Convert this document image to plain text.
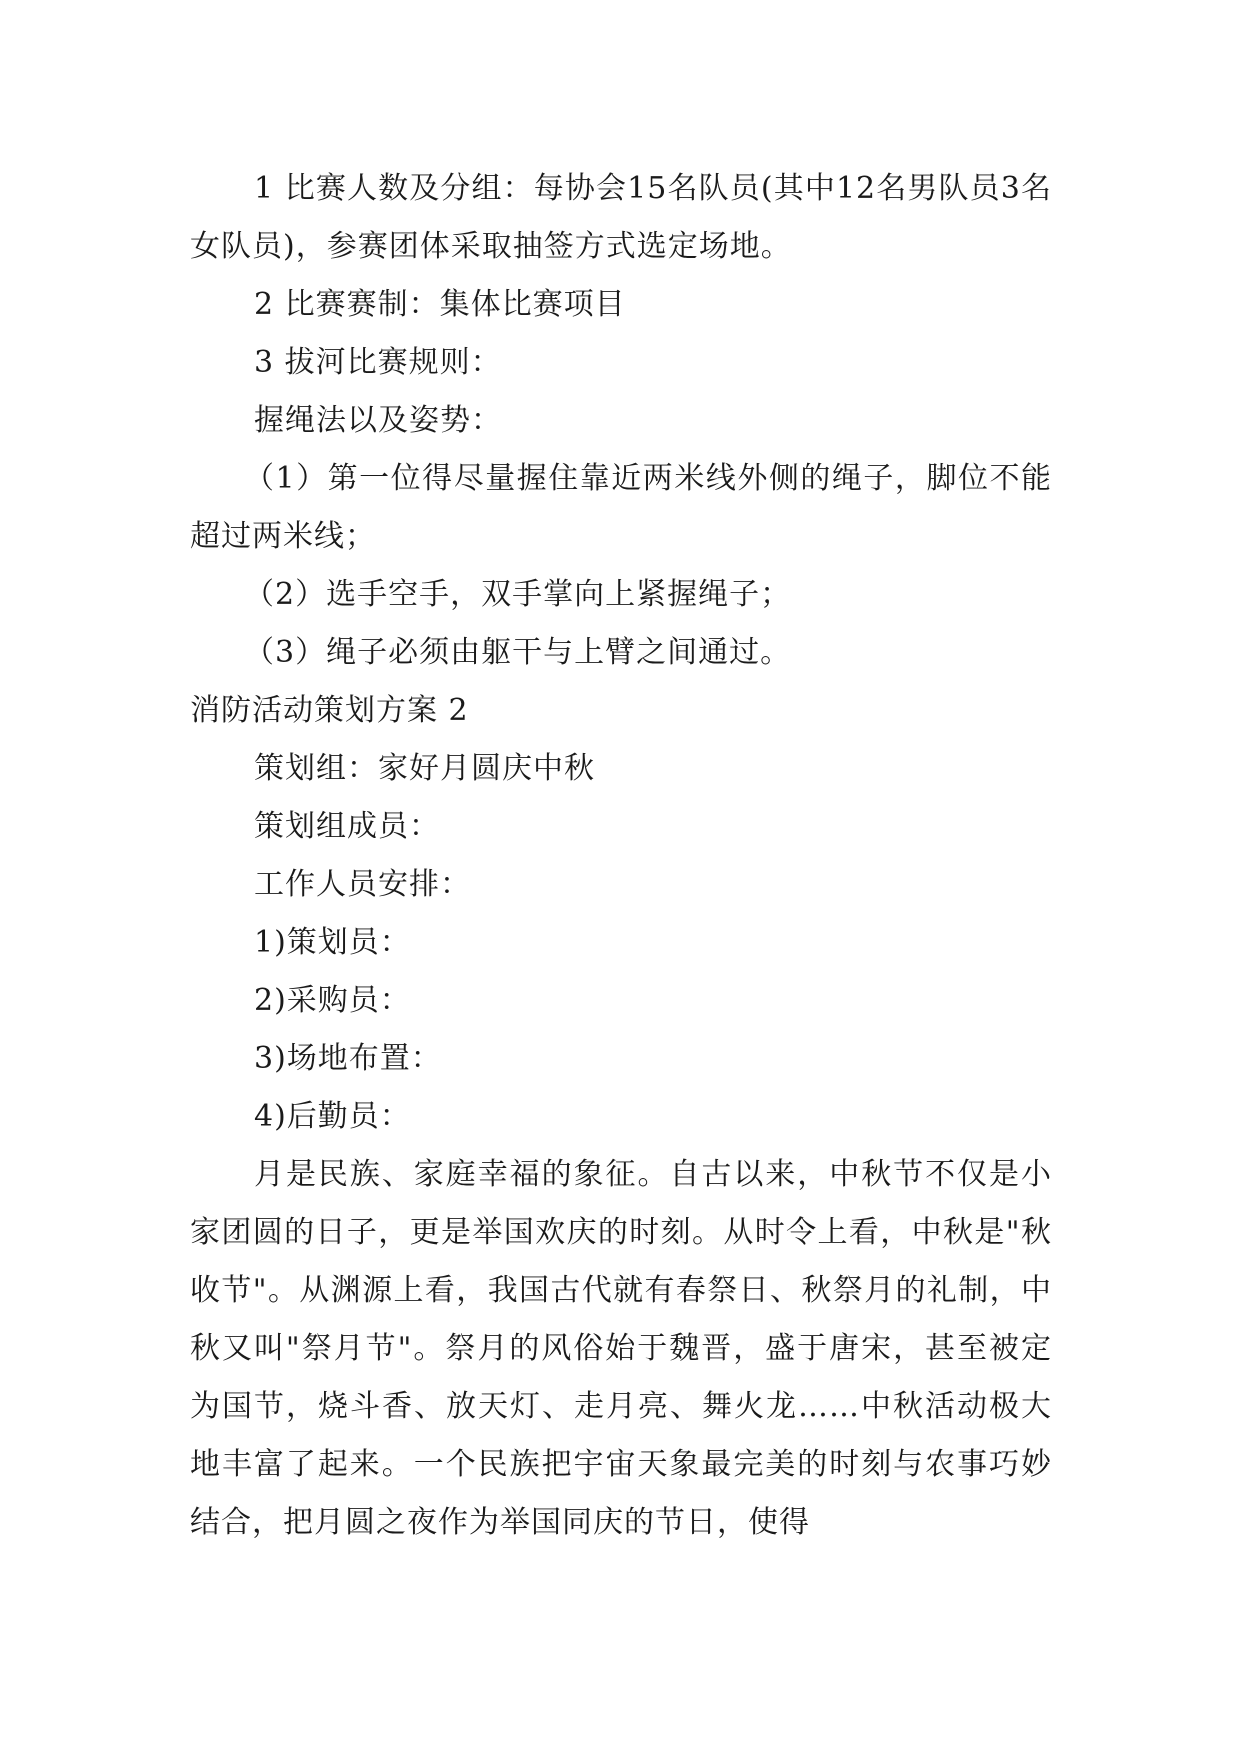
1 比赛人数及分组：每协会15名队员(其中12名男队员3名女队员)，参赛团体采取抽签方式选定场地。

2 比赛赛制：集体比赛项目

3 拔河比赛规则：

握绳法以及姿势：

（1）第一位得尽量握住靠近两米线外侧的绳子，脚位不能超过两米线；

（2）选手空手，双手掌向上紧握绳子；

（3）绳子必须由躯干与上臂之间通过。

消防活动策划方案 2

策划组：家好月圆庆中秋

策划组成员：

工作人员安排：

1)策划员：

2)采购员：

3)场地布置：

4)后勤员：

月是民族、家庭幸福的象征。自古以来，中秋节不仅是小家团圆的日子，更是举国欢庆的时刻。从时令上看，中秋是"秋收节"。从渊源上看，我国古代就有春祭日、秋祭月的礼制，中秋又叫"祭月节"。祭月的风俗始于魏晋，盛于唐宋，甚至被定为国节，烧斗香、放天灯、走月亮、舞火龙……中秋活动极大地丰富了起来。一个民族把宇宙天象最完美的时刻与农事巧妙结合，把月圆之夜作为举国同庆的节日，使得
